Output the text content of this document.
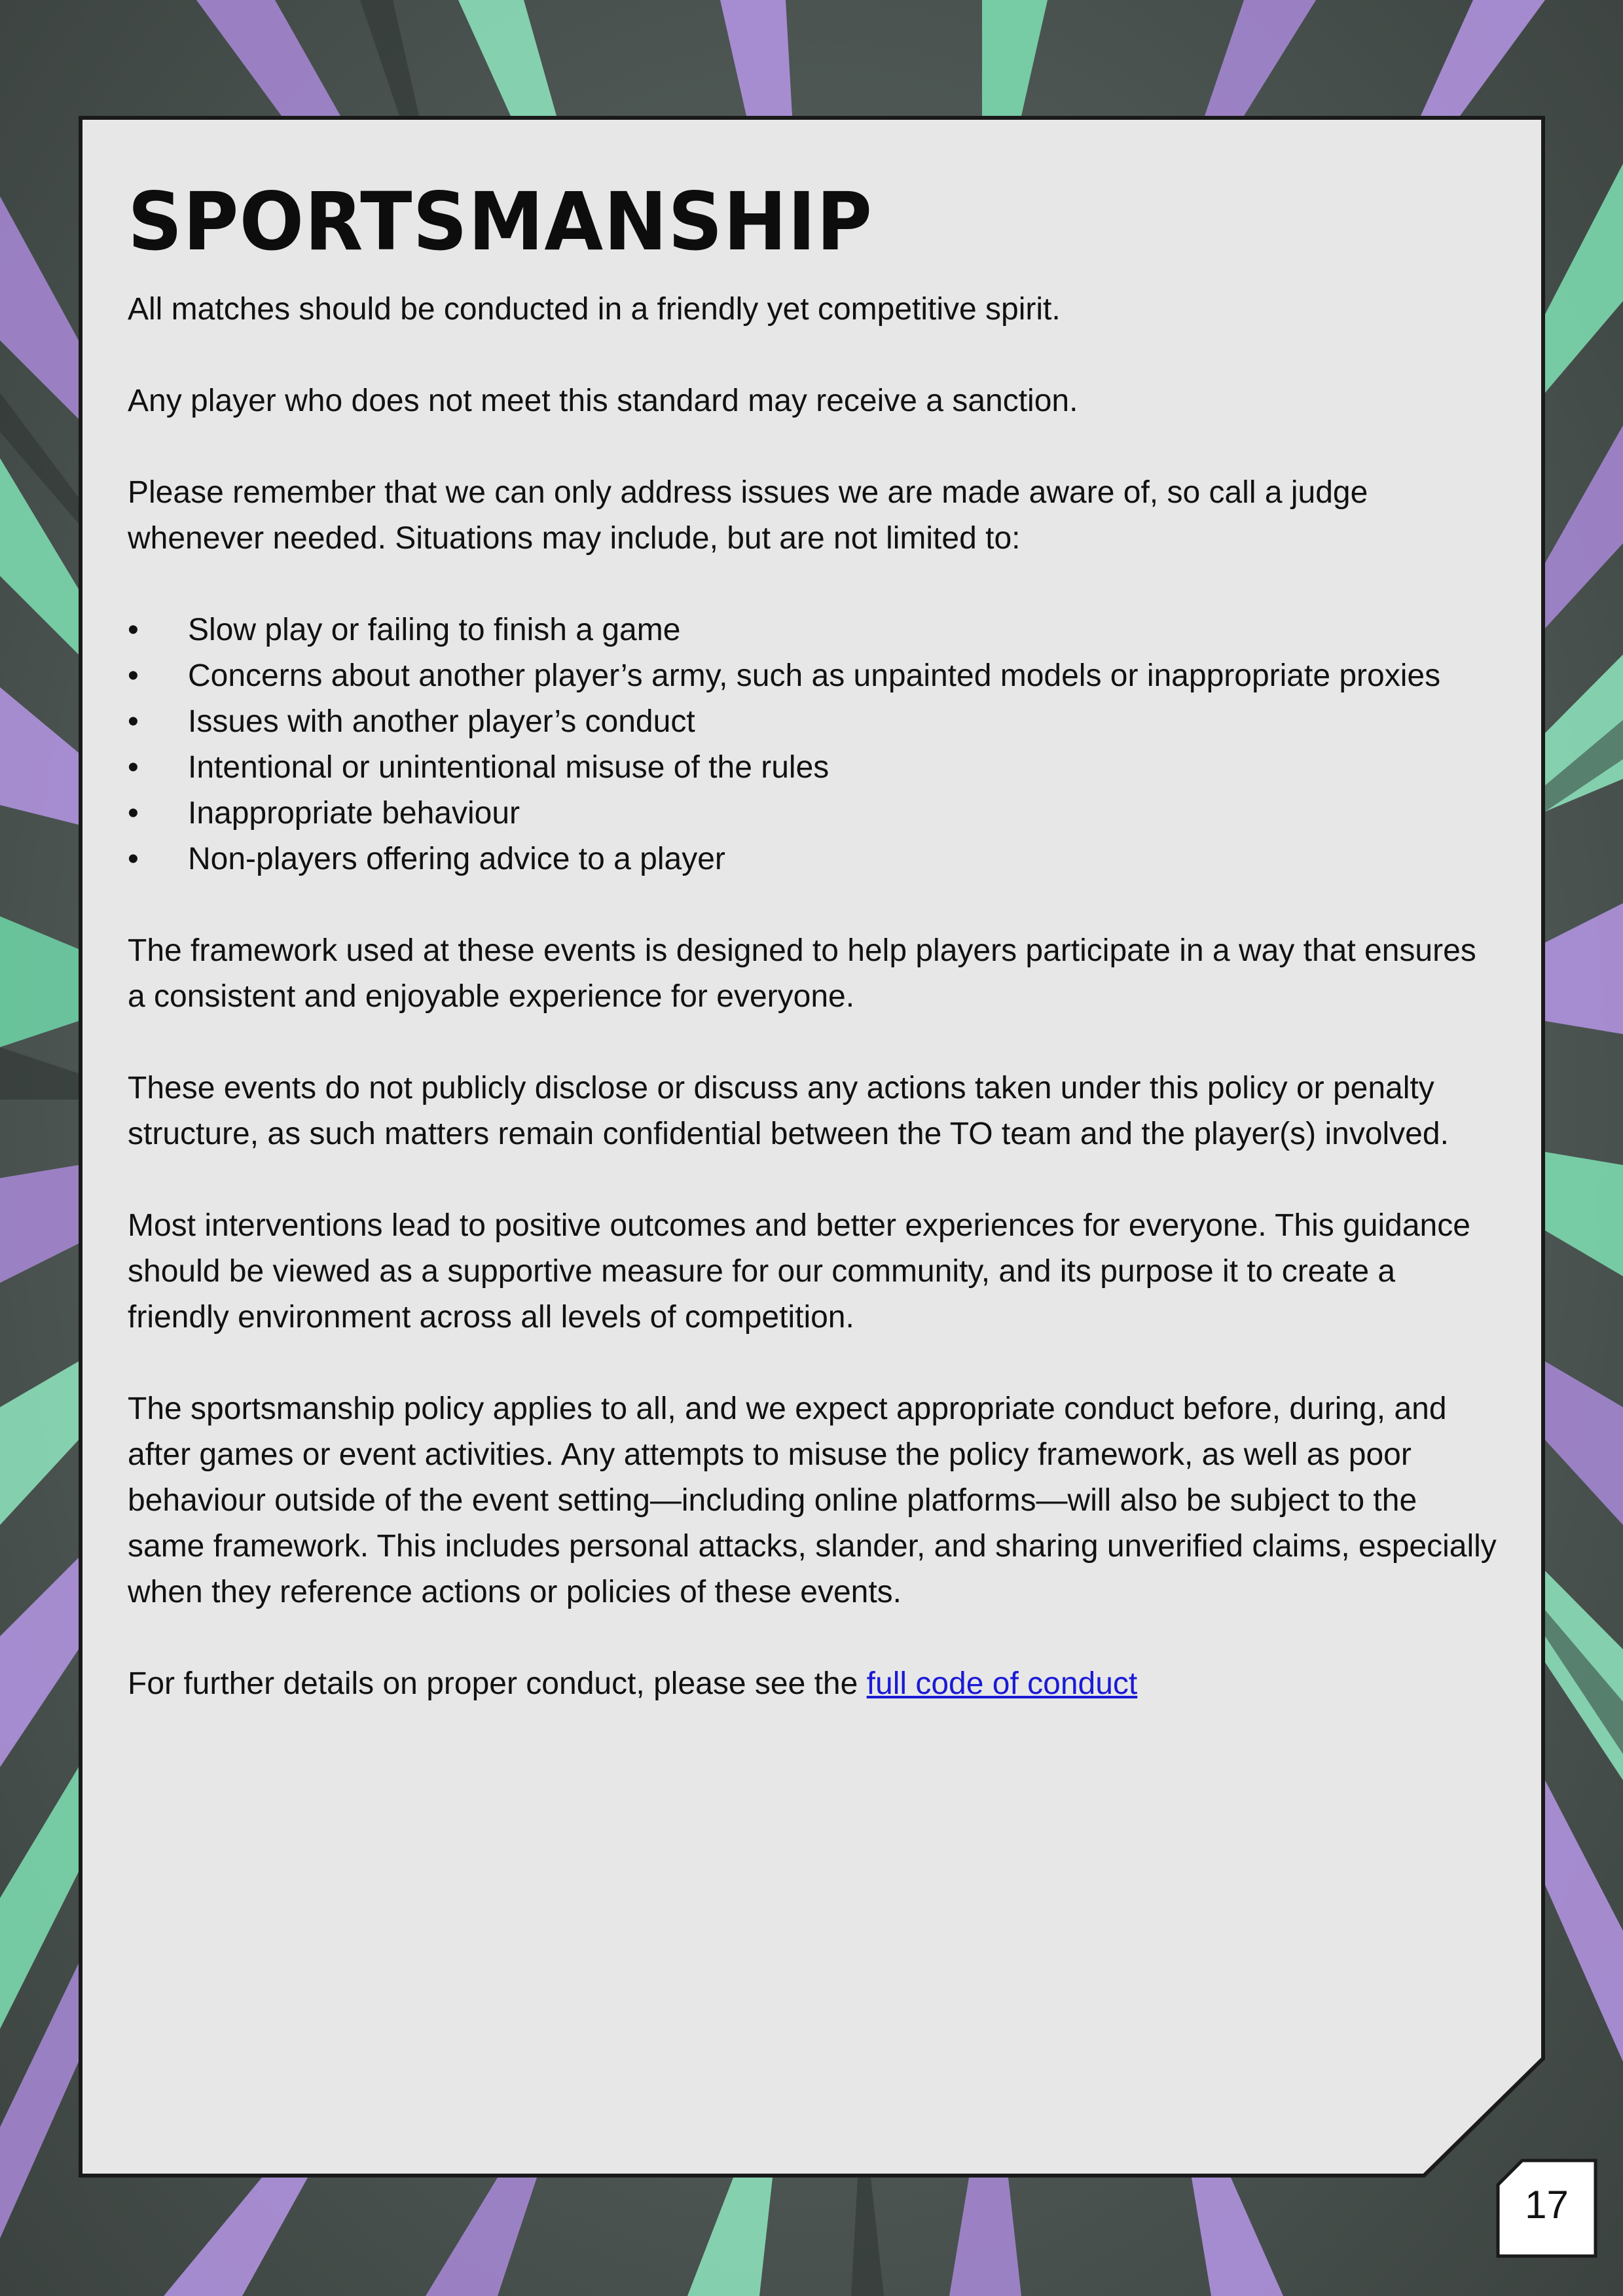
SPORTSMANSHIP

All matches should be conducted in a friendly yet competitive spirit.

Any player who does not meet this standard may receive a sanction.

Please remember that we can only address issues we are made aware of, so call a judge whenever needed. Situations may include, but are not limited to:

• Slow play or failing to finish a game
• Concerns about another player’s army, such as unpainted models or inappropriate proxies
• Issues with another player’s conduct
• Intentional or unintentional misuse of the rules
• Inappropriate behaviour
• Non-players offering advice to a player

The framework used at these events is designed to help players participate in a way that ensures a consistent and enjoyable experience for everyone.

These events do not publicly disclose or discuss any actions taken under this policy or penalty structure, as such matters remain confidential between the TO team and the player(s) involved.

Most interventions lead to positive outcomes and better experiences for everyone. This guidance should be viewed as a supportive measure for our community, and its purpose it to create a friendly environment across all levels of competition.

The sportsmanship policy applies to all, and we expect appropriate conduct before, during, and after games or event activities. Any attempts to misuse the policy framework, as well as poor behaviour outside of the event setting—including online platforms—will also be subject to the same framework. This includes personal attacks, slander, and sharing unverified claims, especially when they reference actions or policies of these events.

For further details on proper conduct, please see the full code of conduct

17
